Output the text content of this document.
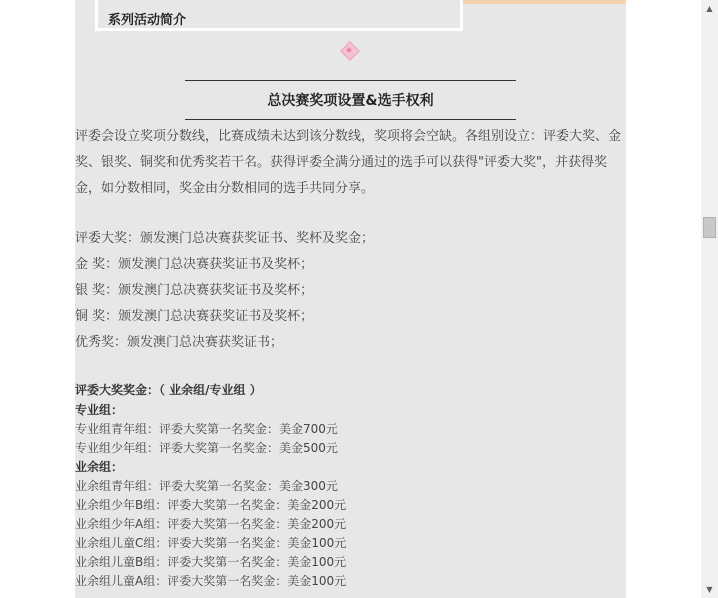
系列活动简介
总决赛奖项设置&选手权利

评委会设立奖项分数线，比赛成绩未达到该分数线，奖项将会空缺。各组别设立：评委大奖、金奖、银奖、铜奖和优秀奖若干名。获得评委全满分通过的选手可以获得"评委大奖"，并获得奖金，如分数相同，奖金由分数相同的选手共同分享。

评委大奖：颁发澳门总决赛获奖证书、奖杯及奖金；
金 奖：颁发澳门总决赛获奖证书及奖杯；
银 奖：颁发澳门总决赛获奖证书及奖杯；
铜 奖：颁发澳门总决赛获奖证书及奖杯；
优秀奖：颁发澳门总决赛获奖证书；
评委大奖奖金：（ 业余组/专业组 ）
专业组：
专业组青年组：评委大奖第一名奖金：美金700元
专业组少年组：评委大奖第一名奖金：美金500元
业余组：
业余组青年组：评委大奖第一名奖金：美金300元
业余组少年B组：评委大奖第一名奖金：美金200元
业余组少年A组：评委大奖第一名奖金：美金200元
业余组儿童C组：评委大奖第一名奖金：美金100元
业余组儿童B组：评委大奖第一名奖金：美金100元
业余组儿童A组：评委大奖第一名奖金：美金100元
▲
▼
